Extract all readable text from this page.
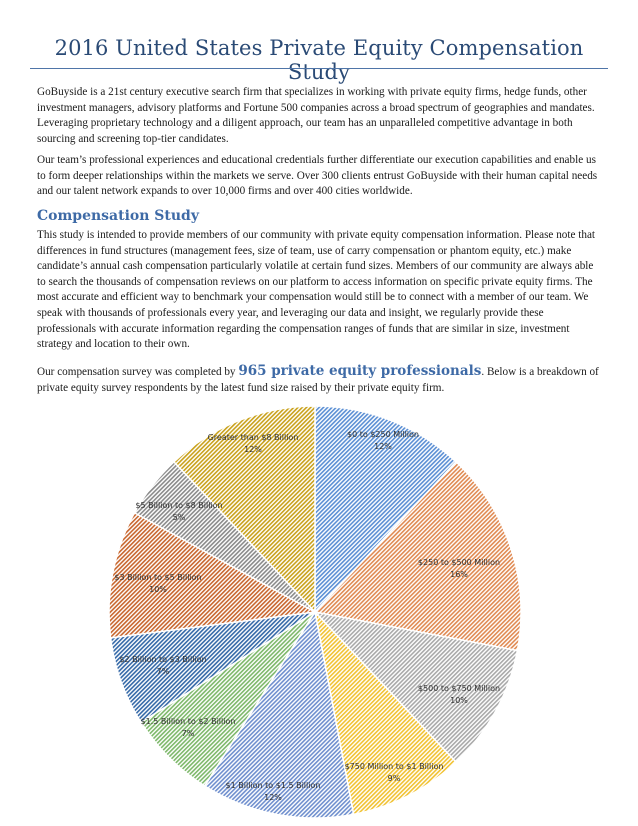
2016 United States Private Equity Compensation Study

GoBuyside is a 21st century executive search firm that specializes in working with private equity firms, hedge funds, other investment managers, advisory platforms and Fortune 500 companies across a broad spectrum of geographies and mandates. Leveraging proprietary technology and a diligent approach, our team has an unparalleled competitive advantage in both sourcing and screening top-tier candidates.

Our team’s professional experiences and educational credentials further differentiate our execution capabilities and enable us to form deeper relationships within the markets we serve. Over 300 clients entrust GoBuyside with their human capital needs and our talent network expands to over 10,000 firms and over 400 cities worldwide.

Compensation Study

This study is intended to provide members of our community with private equity compensation information. Please note that differences in fund structures (management fees, size of team, use of carry compensation or phantom equity, etc.) make candidate’s annual cash compensation particularly volatile at certain fund sizes. Members of our community are always able to search the thousands of compensation reviews on our platform to access information on specific private equity firms. The most accurate and efficient way to benchmark your compensation would still be to connect with a member of our team. We speak with thousands of professionals every year, and leveraging our data and insight, we regularly provide these professionals with accurate information regarding the compensation ranges of funds that are similar in size, investment strategy and location to their own.

Our compensation survey was completed by 965 private equity professionals. Below is a breakdown of private equity survey respondents by the latest fund size raised by their private equity firm.

$0 to $250 Million
12%
$250 to $500 Million
16%
$500 to $750 Million
10%
$750 Million to $1 Billion
9%
$1 Billion to $1.5 Billion
12%
$1.5 Billion to $2 Billion
7%
$2 Billion to $3 Billion
7%
$3 Billion to $5 Billion
10%
$5 Billion to $8 Billion
5%
Greater than $8 Billion
12%
